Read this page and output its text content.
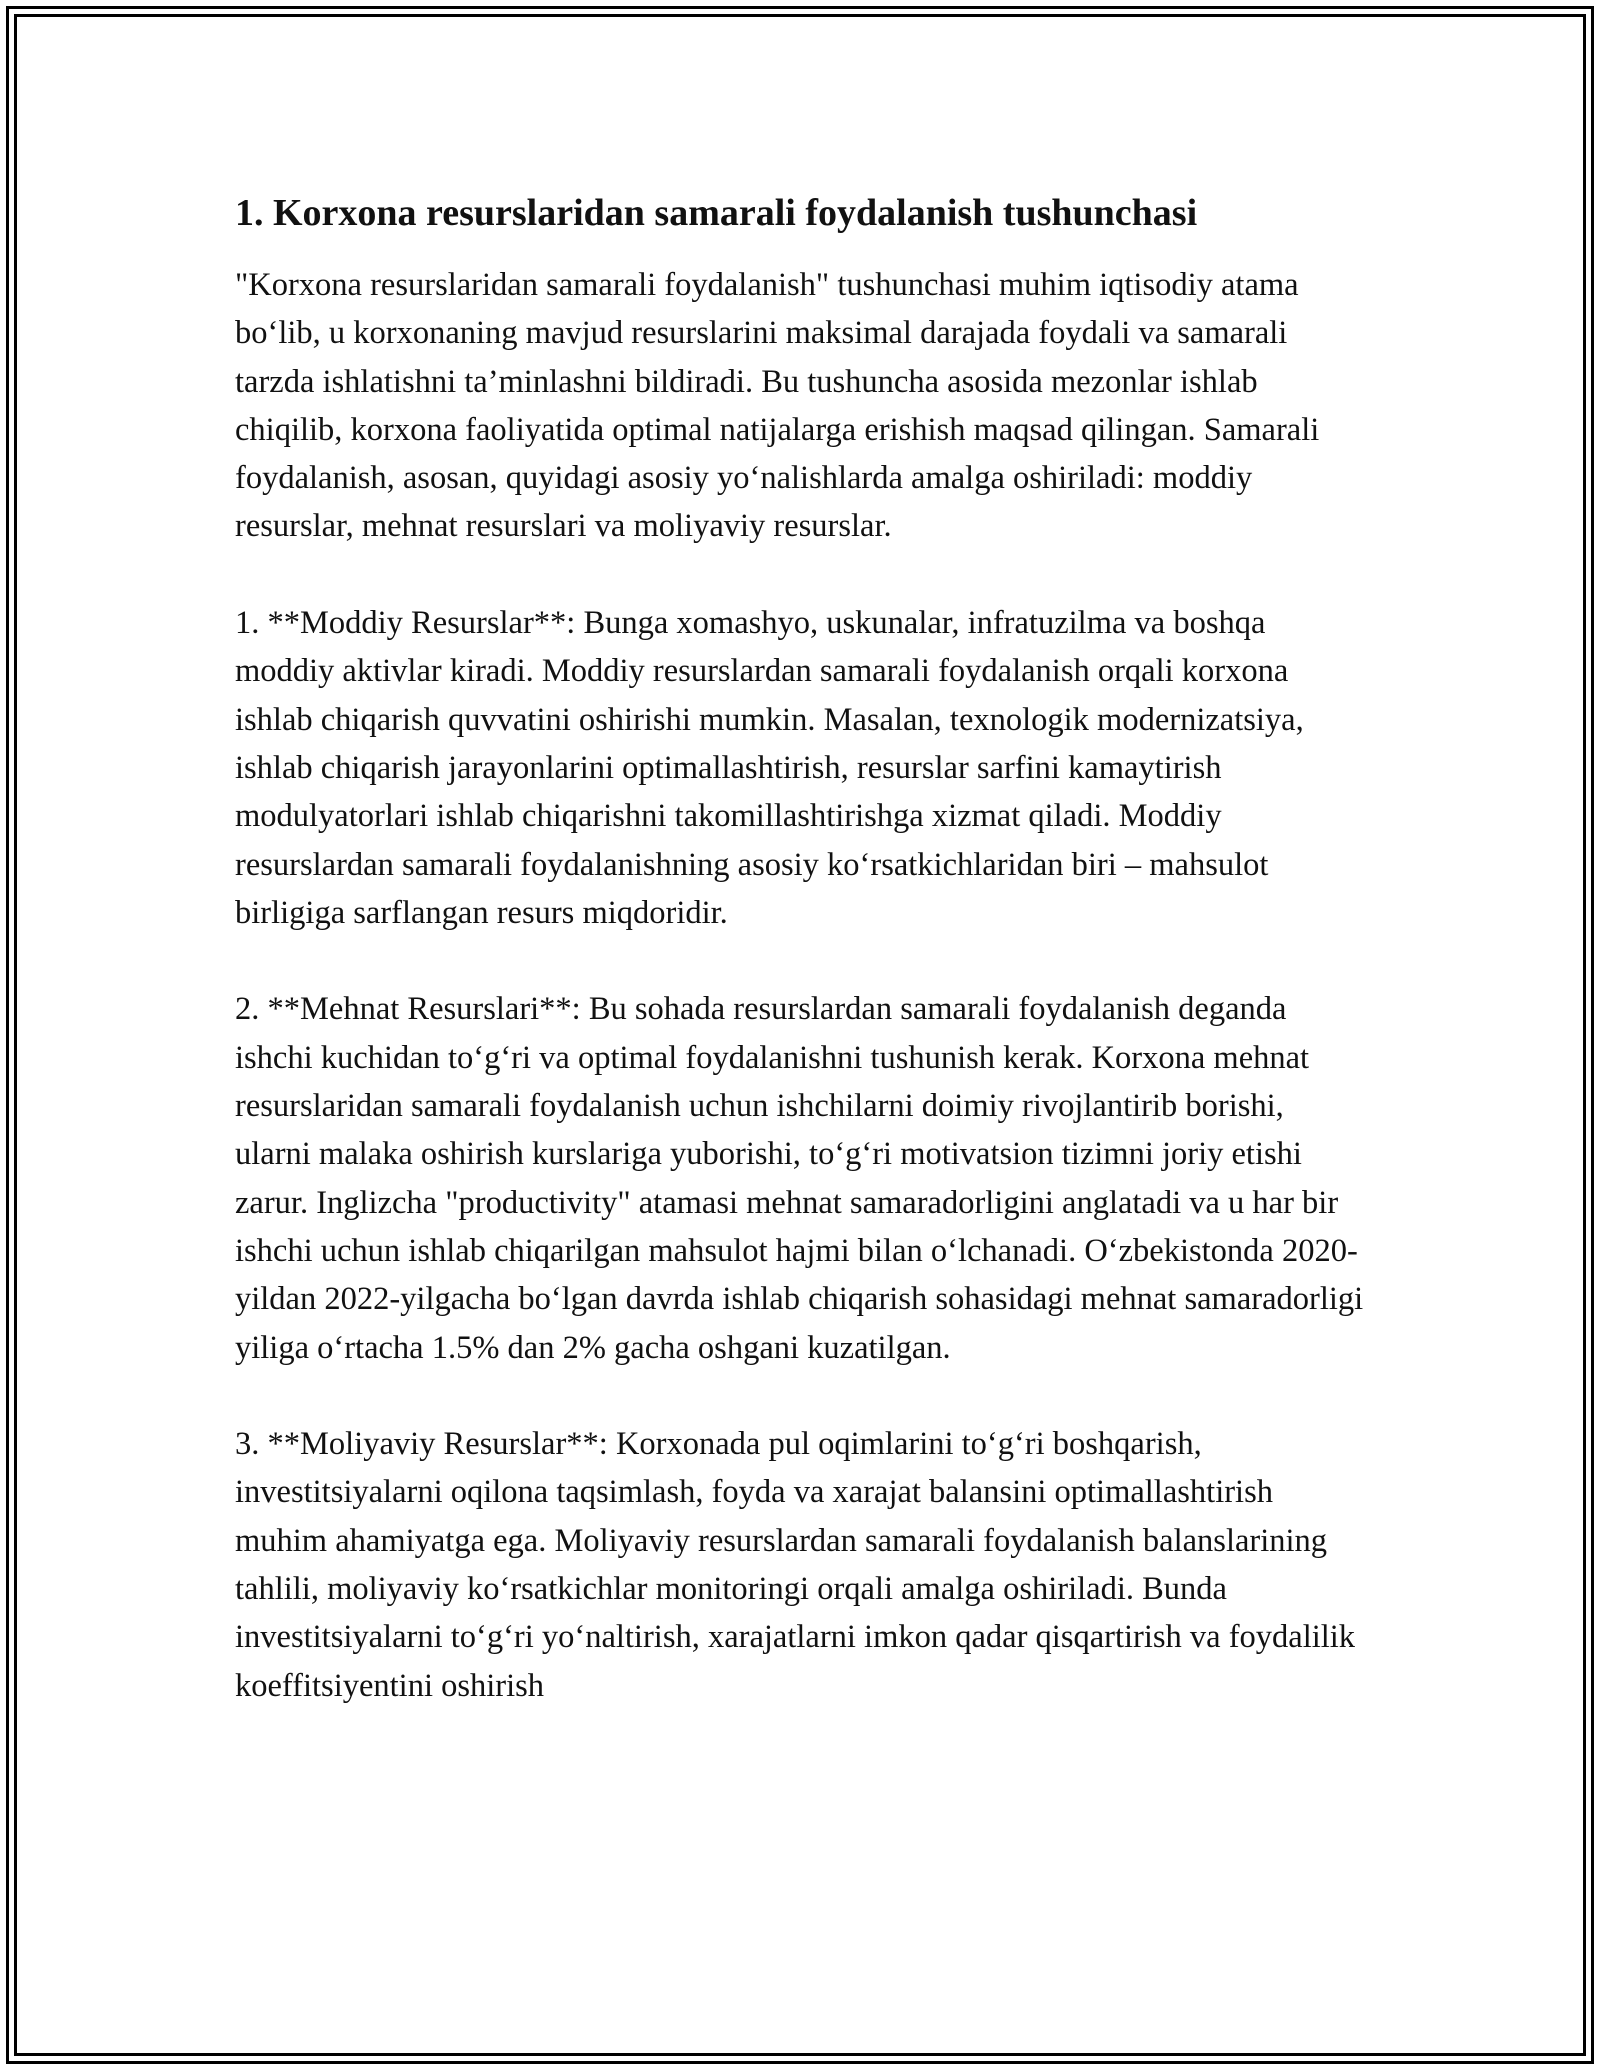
1. Korxona resurslaridan samarali foydalanish tushunchasi

"Korxona resurslaridan samarali foydalanish" tushunchasi muhim iqtisodiy atama bo‘lib, u korxonaning mavjud resurslarini maksimal darajada foydali va samarali tarzda ishlatishni ta’minlashni bildiradi. Bu tushuncha asosida mezonlar ishlab chiqilib, korxona faoliyatida optimal natijalarga erishish maqsad qilingan. Samarali foydalanish, asosan, quyidagi asosiy yo‘nalishlarda amalga oshiriladi: moddiy resurslar, mehnat resurslari va moliyaviy resurslar.

1. **Moddiy Resurslar**: Bunga xomashyo, uskunalar, infratuzilma va boshqa moddiy aktivlar kiradi. Moddiy resurslardan samarali foydalanish orqali korxona ishlab chiqarish quvvatini oshirishi mumkin. Masalan, texnologik modernizatsiya, ishlab chiqarish jarayonlarini optimallashtirish, resurslar sarfini kamaytirish modulyatorlari ishlab chiqarishni takomillashtirishga xizmat qiladi. Moddiy resurslardan samarali foydalanishning asosiy ko‘rsatkichlaridan biri – mahsulot birligiga sarflangan resurs miqdoridir.

2. **Mehnat Resurslari**: Bu sohada resurslardan samarali foydalanish deganda ishchi kuchidan to‘g‘ri va optimal foydalanishni tushunish kerak. Korxona mehnat resurslaridan samarali foydalanish uchun ishchilarni doimiy rivojlantirib borishi, ularni malaka oshirish kurslariga yuborishi, to‘g‘ri motivatsion tizimni joriy etishi zarur. Inglizcha "productivity" atamasi mehnat samaradorligini anglatadi va u har bir ishchi uchun ishlab chiqarilgan mahsulot hajmi bilan o‘lchanadi. O‘zbekistonda 2020-yildan 2022-yilgacha bo‘lgan davrda ishlab chiqarish sohasidagi mehnat samaradorligi yiliga o‘rtacha 1.5% dan 2% gacha oshgani kuzatilgan.

3. **Moliyaviy Resurslar**: Korxonada pul oqimlarini to‘g‘ri boshqarish, investitsiyalarni oqilona taqsimlash, foyda va xarajat balansini optimallashtirish muhim ahamiyatga ega. Moliyaviy resurslardan samarali foydalanish balanslarining tahlili, moliyaviy ko‘rsatkichlar monitoringi orqali amalga oshiriladi. Bunda investitsiyalarni to‘g‘ri yo‘naltirish, xarajatlarni imkon qadar qisqartirish va foydalilik koeffitsiyentini oshirish
